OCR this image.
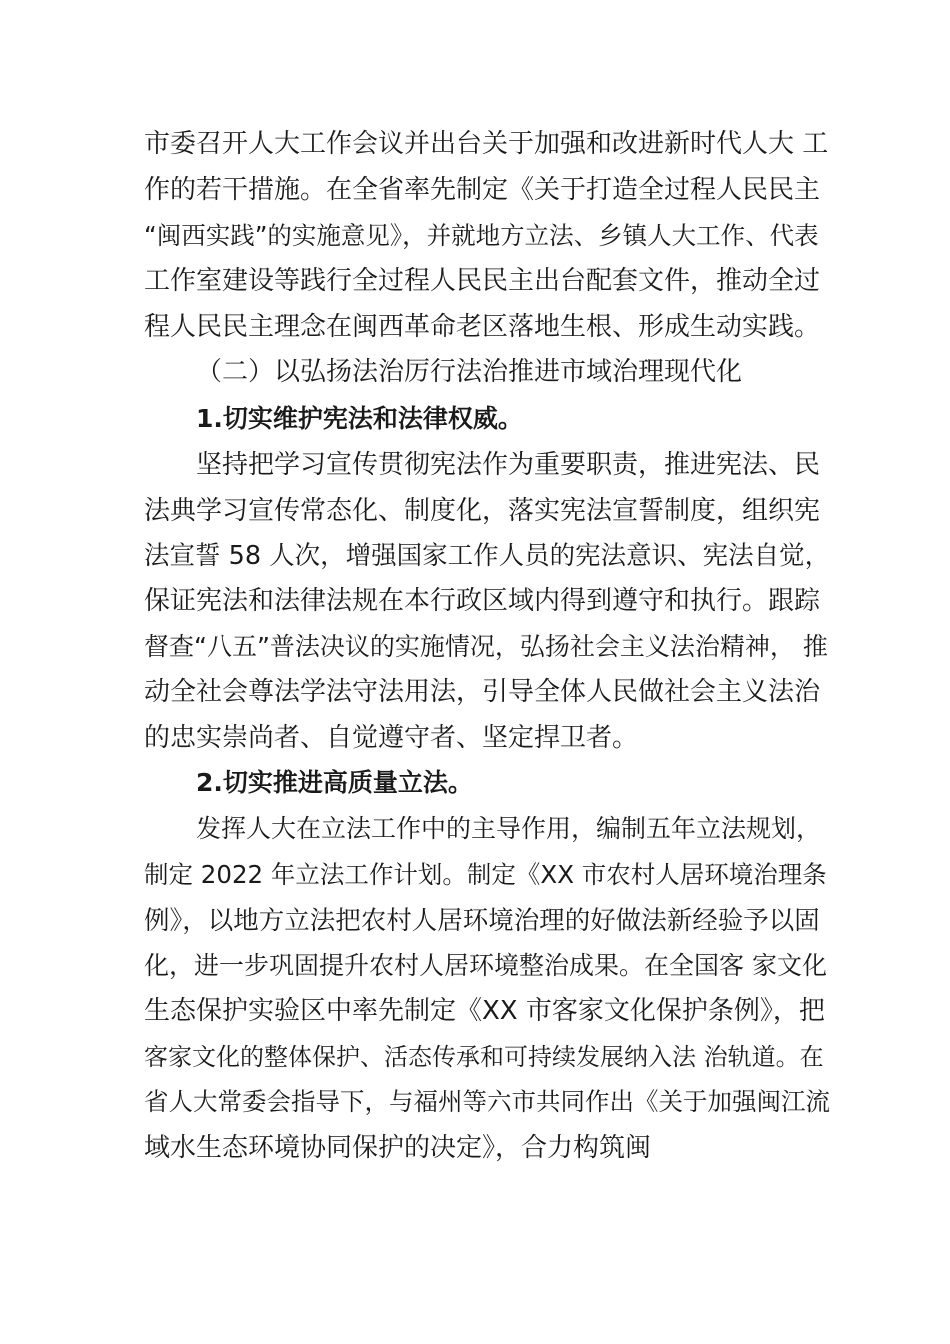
市委召开人大工作会议并出台关于加强和改进新时代人大 工
作的若干措施。在全省率先制定《关于打造全过程人民民主
“闽西实践”的实施意见》，并就地方立法、乡镇人大工作、代表
工作室建设等践行全过程人民民主出台配套文件，推动全过
程人民民主理念在闽西革命老区落地生根、形成生动实践。
（二）以弘扬法治厉行法治推进市域治理现代化
1.切实维护宪法和法律权威。
坚持把学习宣传贯彻宪法作为重要职责，推进宪法、民
法典学习宣传常态化、制度化，落实宪法宣誓制度，组织宪
法宣誓 58 人次，增强国家工作人员的宪法意识、宪法自觉，
保证宪法和法律法规在本行政区域内得到遵守和执行。跟踪
督查“八五”普法决议的实施情况，弘扬社会主义法治精神， 推
动全社会尊法学法守法用法，引导全体人民做社会主义法治
的忠实崇尚者、自觉遵守者、坚定捍卫者。
2.切实推进高质量立法。
发挥人大在立法工作中的主导作用，编制五年立法规划，
制定 2022 年立法工作计划。制定《XX 市农村人居环境治理条
例》，以地方立法把农村人居环境治理的好做法新经验予以固
化，进一步巩固提升农村人居环境整治成果。在全国客 家文化
生态保护实验区中率先制定《XX 市客家文化保护条例》，把
客家文化的整体保护、活态传承和可持续发展纳入法 治轨道。在
省人大常委会指导下，与福州等六市共同作出《关于加强闽江流
域水生态环境协同保护的决定》，合力构筑闽
